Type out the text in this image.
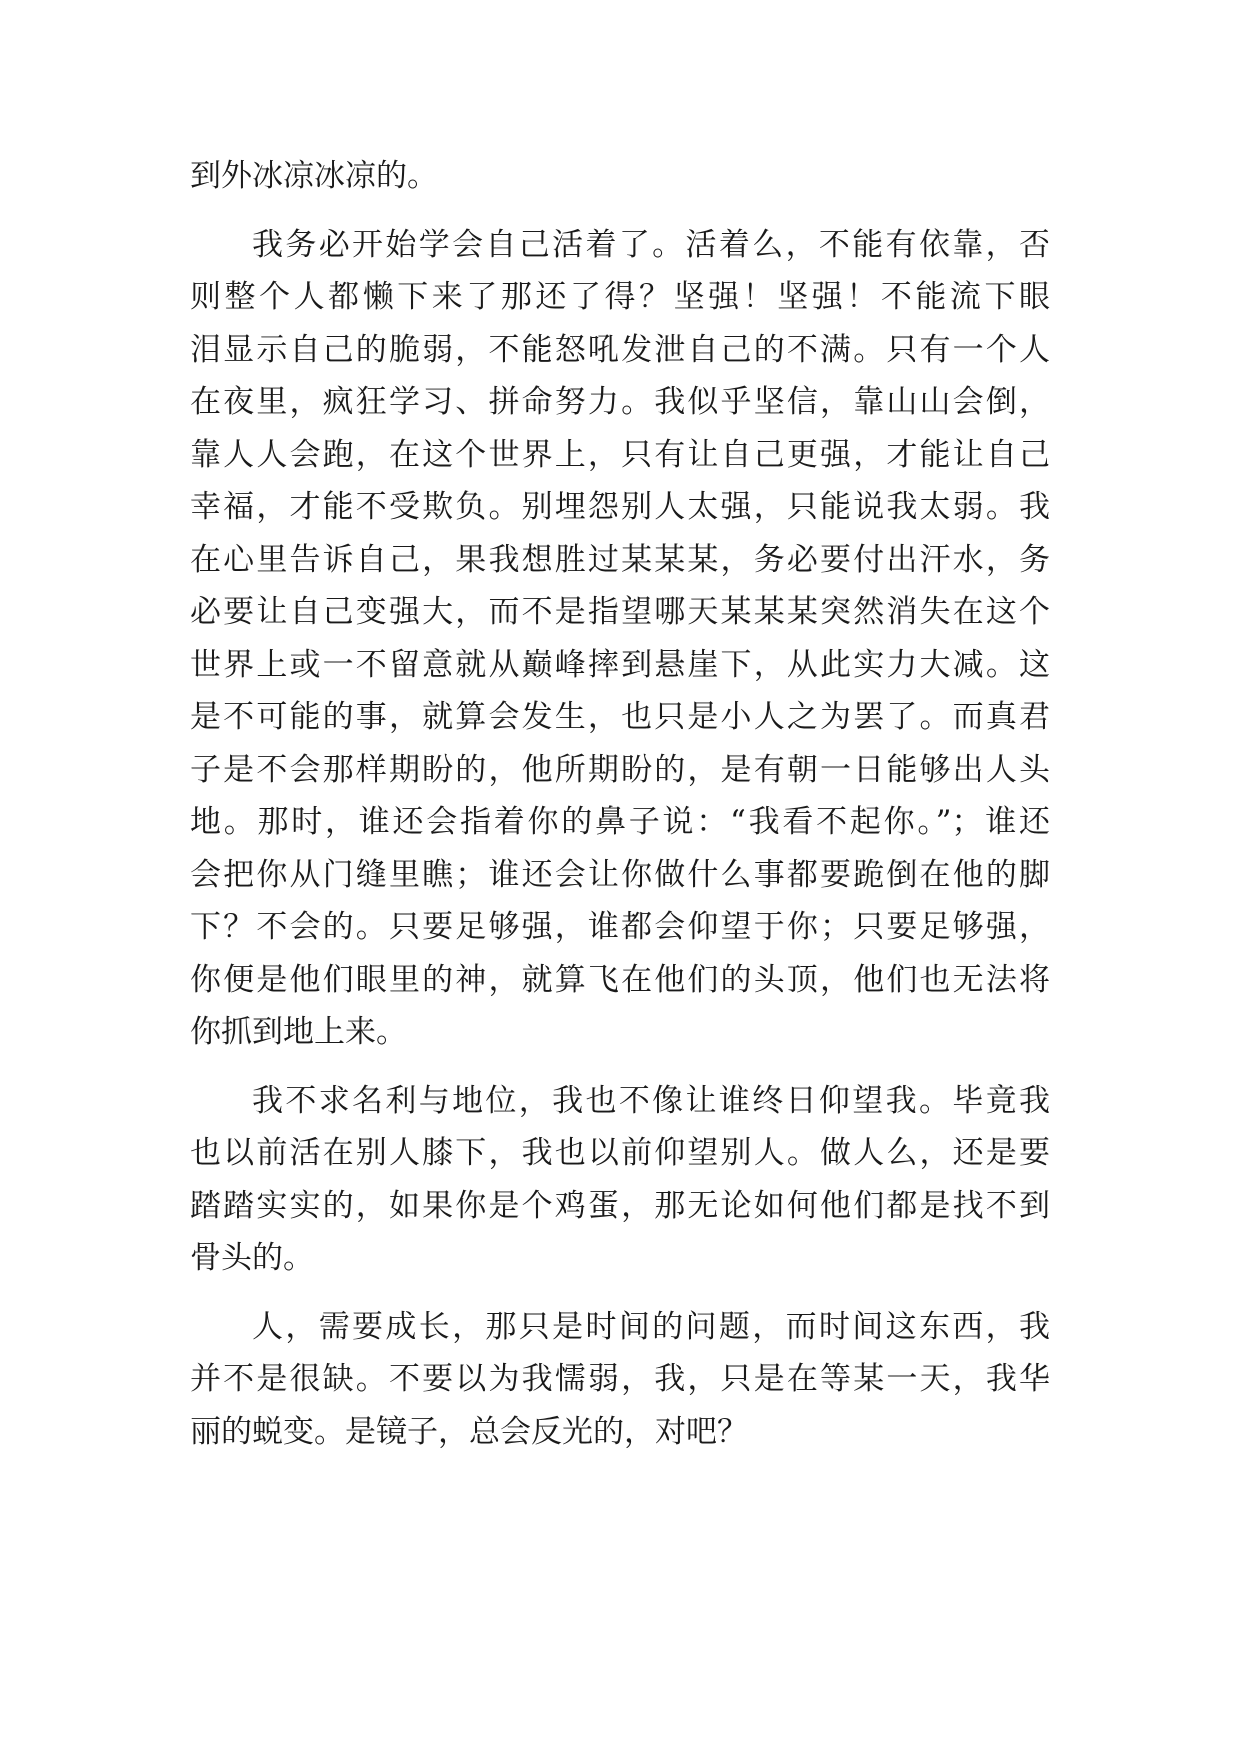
到外冰凉冰凉的。
我务必开始学会自己活着了。活着么，不能有依靠，否
则整个人都懒下来了那还了得？坚强！坚强！不能流下眼
泪显示自己的脆弱，不能怒吼发泄自己的不满。只有一个人
在夜里，疯狂学习、拼命努力。我似乎坚信，靠山山会倒，
靠人人会跑，在这个世界上，只有让自己更强，才能让自己
幸福，才能不受欺负。别埋怨别人太强，只能说我太弱。我
在心里告诉自己，果我想胜过某某某，务必要付出汗水，务
必要让自己变强大，而不是指望哪天某某某突然消失在这个
世界上或一不留意就从巅峰摔到悬崖下，从此实力大减。这
是不可能的事，就算会发生，也只是小人之为罢了。而真君
子是不会那样期盼的，他所期盼的，是有朝一日能够出人头
地。那时，谁还会指着你的鼻子说：“我看不起你。”；谁还
会把你从门缝里瞧；谁还会让你做什么事都要跪倒在他的脚
下？不会的。只要足够强，谁都会仰望于你；只要足够强，
你便是他们眼里的神，就算飞在他们的头顶，他们也无法将
你抓到地上来。
我不求名利与地位，我也不像让谁终日仰望我。毕竟我
也以前活在别人膝下，我也以前仰望别人。做人么，还是要
踏踏实实的，如果你是个鸡蛋，那无论如何他们都是找不到
骨头的。
人，需要成长，那只是时间的问题，而时间这东西，我
并不是很缺。不要以为我懦弱，我，只是在等某一天，我华
丽的蜕变。是镜子，总会反光的，对吧？
